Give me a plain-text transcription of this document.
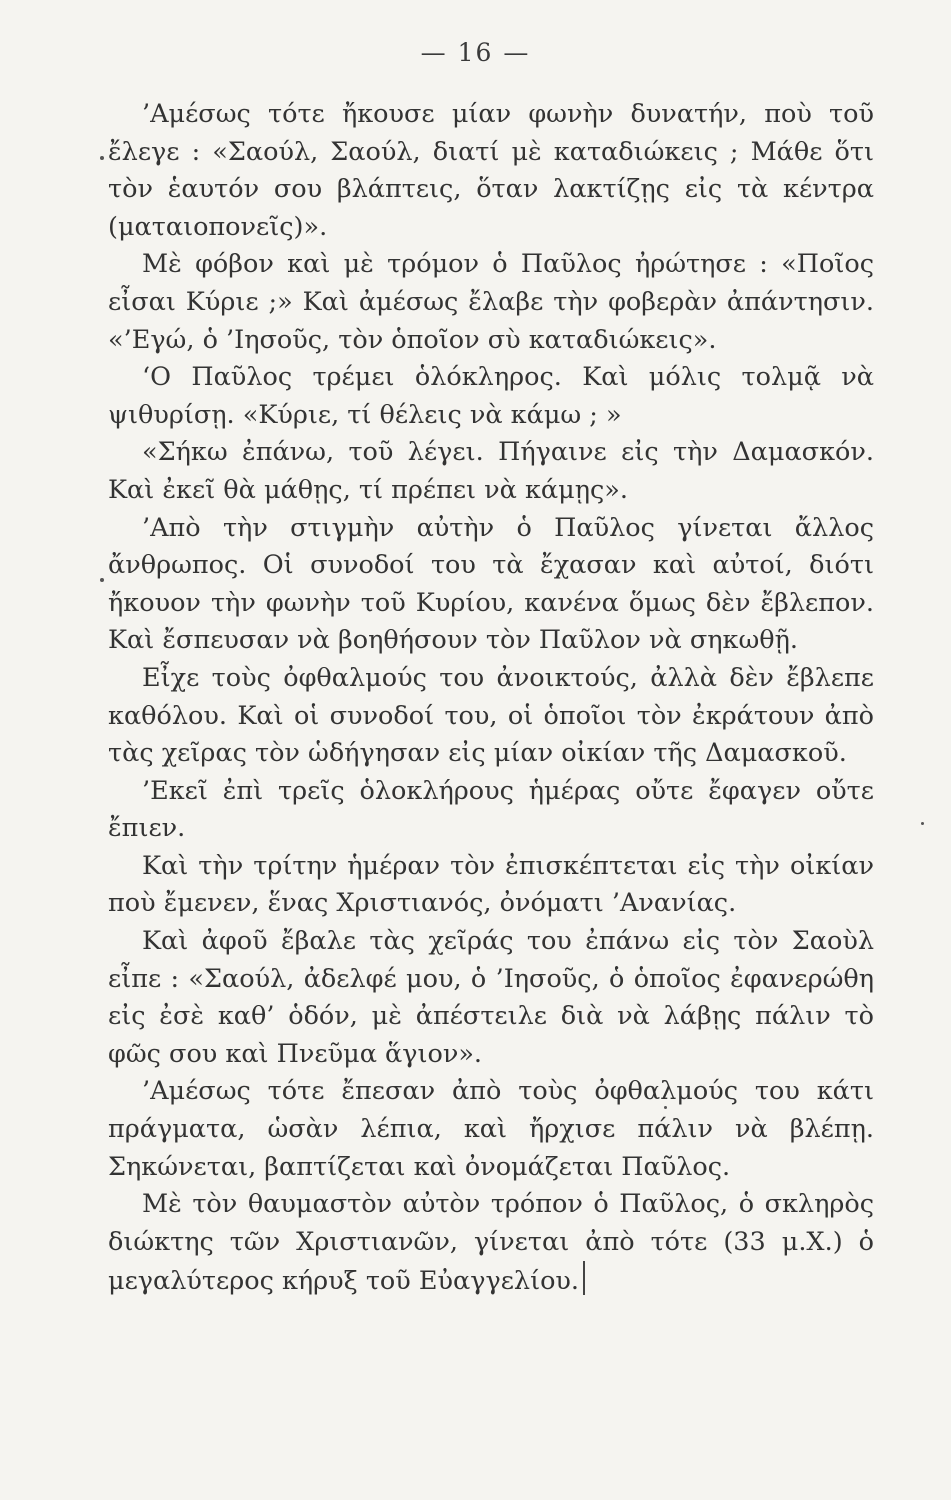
— 16 —

’Αμέσως τότε ἤκουσε μίαν φωνὴν δυνατήν, ποὺ τοῦ ἔλεγε : «Σαούλ, Σαούλ, διατί μὲ καταδιώκεις ; Μάθε ὅτι τὸν ἑαυτόν σου βλάπτεις, ὅταν λακτίζῃς εἰς τὰ κέντρα (ματαιοπονεῖς)».

Μὲ φόβον καὶ μὲ τρόμον ὁ Παῦλος ἠρώτησε : «Ποῖος εἶσαι Κύριε ;» Καὶ ἀμέσως ἔλαβε τὴν φοβερὰν ἀπάντησιν. «’Εγώ, ὁ ’Ιησοῦς, τὸν ὁποῖον σὺ καταδιώκεις».

‘Ο Παῦλος τρέμει ὁλόκληρος. Καὶ μόλις τολμᾷ νὰ ψιθυρίσῃ. «Κύριε, τί θέλεις νὰ κάμω ; »

«Σήκω ἐπάνω, τοῦ λέγει. Πήγαινε εἰς τὴν Δαμασκόν. Καὶ ἐκεῖ θὰ μάθῃς, τί πρέπει νὰ κάμῃς».

’Απὸ τὴν στιγμὴν αὐτὴν ὁ Παῦλος γίνεται ἄλλος ἄνθρωπος. Οἱ συνοδοί του τὰ ἔχασαν καὶ αὐτοί, διότι ἤκουον τὴν φωνὴν τοῦ Κυρίου, κανένα ὅμως δὲν ἔβλεπον. Καὶ ἔσπευσαν νὰ βοηθήσουν τὸν Παῦλον νὰ σηκωθῇ.

Εἶχε τοὺς ὀφθαλμούς του ἀνοικτούς, ἀλλὰ δὲν ἔβλεπε καθόλου. Καὶ οἱ συνοδοί του, οἱ ὁποῖοι τὸν ἐκράτουν ἀπὸ τὰς χεῖρας τὸν ὡδήγησαν εἰς μίαν οἰκίαν τῆς Δαμασκοῦ.

’Εκεῖ ἐπὶ τρεῖς ὁλοκλήρους ἡμέρας οὔτε ἔφαγεν οὔτε ἔπιεν.

Καὶ τὴν τρίτην ἡμέραν τὸν ἐπισκέπτεται εἰς τὴν οἰκίαν ποὺ ἔμενεν, ἕνας Χριστιανός, ὀνόματι ’Ανανίας.

Καὶ ἀφοῦ ἔβαλε τὰς χεῖράς του ἐπάνω εἰς τὸν Σαοὺλ εἶπε : «Σαούλ, ἀδελφέ μου, ὁ ’Ιησοῦς, ὁ ὁποῖος ἐφανερώθη εἰς ἐσὲ καθ’ ὁδόν, μὲ ἀπέστειλε διὰ νὰ λάβῃς πάλιν τὸ φῶς σου καὶ Πνεῦμα ἅγιον».

’Αμέσως τότε ἔπεσαν ἀπὸ τοὺς ὀφθαλμούς του κάτι πράγματα, ὡσὰν λέπια, καὶ ἤρχισε πάλιν νὰ βλέπῃ. Σηκώνεται, βαπτίζεται καὶ ὀνομάζεται Παῦλος.

Μὲ τὸν θαυμαστὸν αὐτὸν τρόπον ὁ Παῦλος, ὁ σκληρὸς διώκτης τῶν Χριστιανῶν, γίνεται ἀπὸ τότε (33 μ.Χ.) ὁ μεγαλύτερος κήρυξ τοῦ Εὐαγγελίου.
